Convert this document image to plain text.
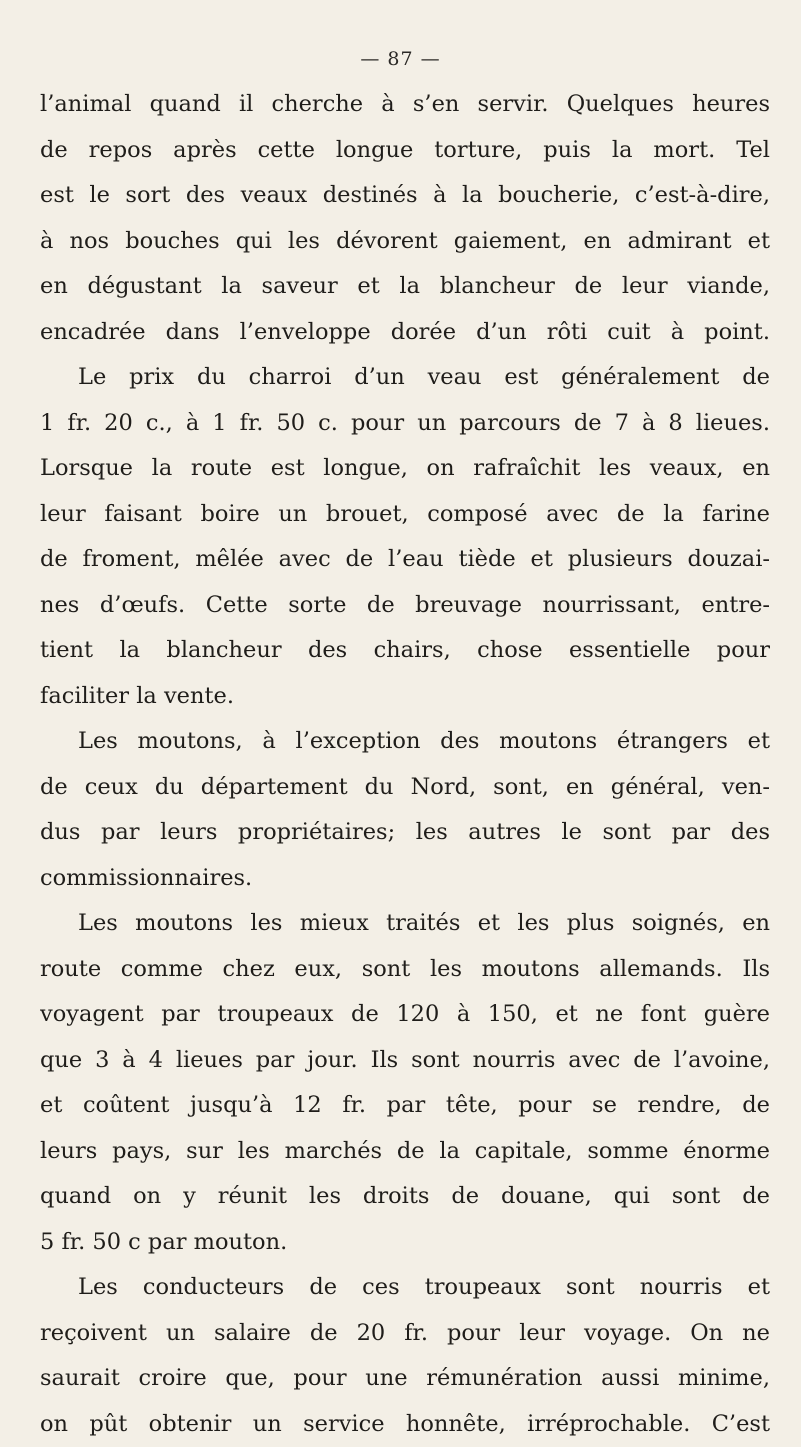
— 87 —
l’animal quand il cherche à s’en servir. Quelques heures
de repos après cette longue torture, puis la mort. Tel
est le sort des veaux destinés à la boucherie, c’est-à-dire,
à nos bouches qui les dévorent gaiement, en admirant et
en dégustant la saveur et la blancheur de leur viande,
encadrée dans l’enveloppe dorée d’un rôti cuit à point.
Le prix du charroi d’un veau est généralement de
1 fr. 20 c., à 1 fr. 50 c. pour un parcours de 7 à 8 lieues.
Lorsque la route est longue, on rafraîchit les veaux, en
leur faisant boire un brouet, composé avec de la farine
de froment, mêlée avec de l’eau tiède et plusieurs douzai-
nes d’œufs. Cette sorte de breuvage nourrissant, entre-
tient la blancheur des chairs, chose essentielle pour
faciliter la vente.
Les moutons, à l’exception des moutons étrangers et
de ceux du département du Nord, sont, en général, ven-
dus par leurs propriétaires; les autres le sont par des
commissionnaires.
Les moutons les mieux traités et les plus soignés, en
route comme chez eux, sont les moutons allemands. Ils
voyagent par troupeaux de 120 à 150, et ne font guère
que 3 à 4 lieues par jour. Ils sont nourris avec de l’avoine,
et coûtent jusqu’à 12 fr. par tête, pour se rendre, de
leurs pays, sur les marchés de la capitale, somme énorme
quand on y réunit les droits de douane, qui sont de
5 fr. 50 c par mouton.
Les conducteurs de ces troupeaux sont nourris et
reçoivent un salaire de 20 fr. pour leur voyage. On ne
saurait croire que, pour une rémunération aussi minime,
on pût obtenir un service honnête, irréprochable. C’est
